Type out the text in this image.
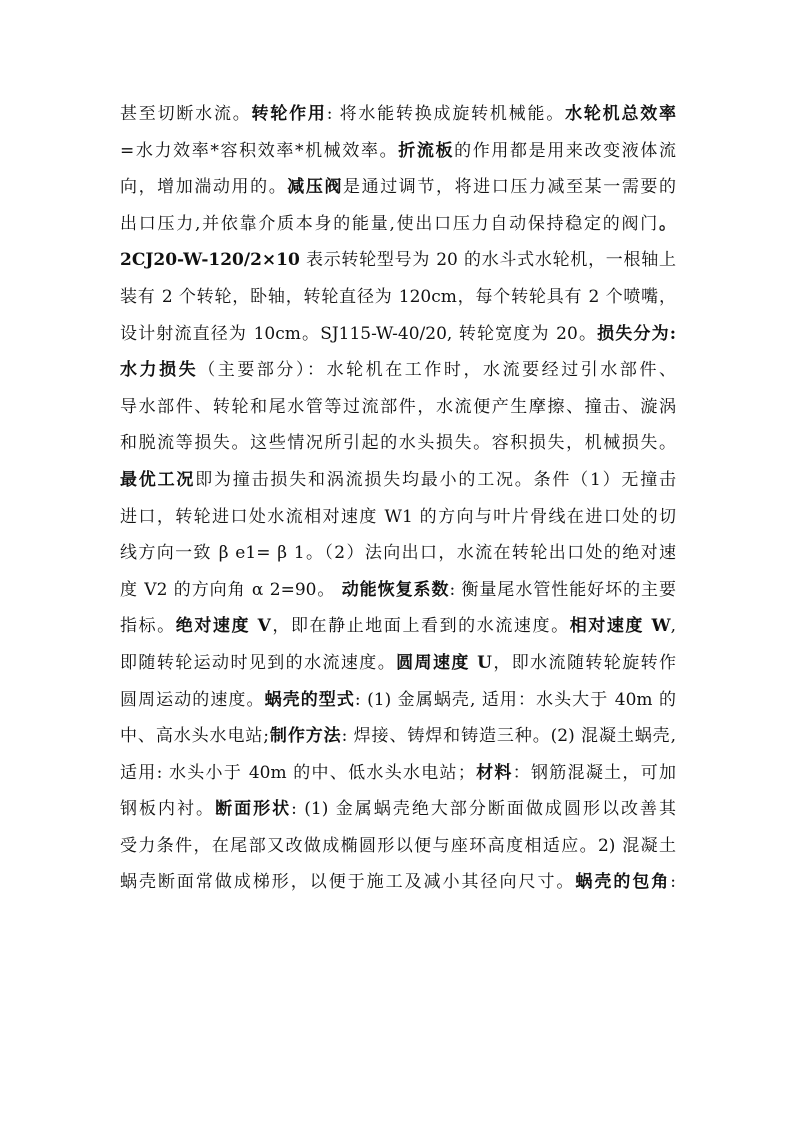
甚至切断水流。转轮作用: 将水能转换成旋转机械能。水轮机总效率
=水力效率*容积效率*机械效率。折流板的作用都是用来改变液体流
向，增加湍动用的。减压阀是通过调节，将进口压力减至某一需要的
出口压力,并依靠介质本身的能量,使出口压力自动保持稳定的阀门。
2CJ20-W-120/2×10 表示转轮型号为 20 的水斗式水轮机，一根轴上
装有 2 个转轮，卧轴，转轮直径为 120cm，每个转轮具有 2 个喷嘴，
设计射流直径为 10cm。SJ115-W-40/20, 转轮宽度为 20。损失分为:
水力损失（主要部分）：水轮机在工作时，水流要经过引水部件、
导水部件、转轮和尾水管等过流部件，水流便产生摩擦、撞击、漩涡
和脱流等损失。这些情况所引起的水头损失。容积损失，机械损失。
最优工况即为撞击损失和涡流损失均最小的工况。条件（1）无撞击
进口，转轮进口处水流相对速度 W1 的方向与叶片骨线在进口处的切
线方向一致 β e1= β 1。（2）法向出口，水流在转轮出口处的绝对速
度 V2 的方向角 α 2=90。 动能恢复系数: 衡量尾水管性能好坏的主要
指标。绝对速度 V，即在静止地面上看到的水流速度。相对速度 W,
即随转轮运动时见到的水流速度。圆周速度 U，即水流随转轮旋转作
圆周运动的速度。蜗壳的型式: (1) 金属蜗壳, 适用：水头大于 40m 的
中、高水头水电站;制作方法: 焊接、铸焊和铸造三种。(2) 混凝土蜗壳,
适用: 水头小于 40m 的中、低水头水电站；材料：钢筋混凝土，可加
钢板内衬。断面形状: (1) 金属蜗壳绝大部分断面做成圆形以改善其
受力条件，在尾部又改做成椭圆形以便与座环高度相适应。2) 混凝土
蜗壳断面常做成梯形，以便于施工及减小其径向尺寸。蜗壳的包角:
